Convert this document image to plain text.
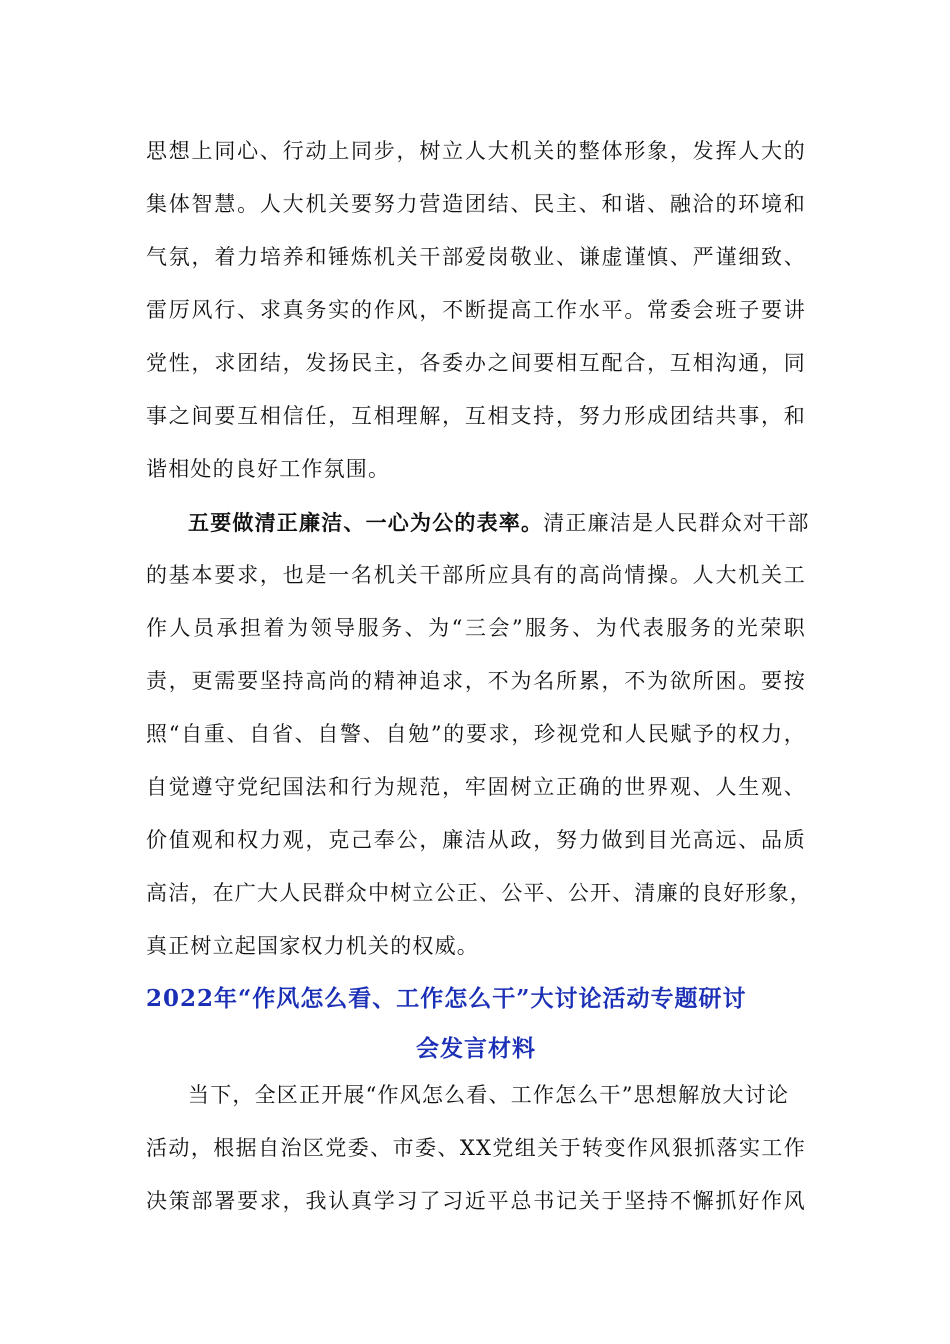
思想上同心、行动上同步，树立人大机关的整体形象，发挥人大的
集体智慧。人大机关要努力营造团结、民主、和谐、融洽的环境和
气氛，着力培养和锤炼机关干部爱岗敬业、谦虚谨慎、严谨细致、
雷厉风行、求真务实的作风，不断提高工作水平。常委会班子要讲
党性，求团结，发扬民主，各委办之间要相互配合，互相沟通，同
事之间要互相信任，互相理解，互相支持，努力形成团结共事，和
谐相处的良好工作氛围。
五要做清正廉洁、一心为公的表率。清正廉洁是人民群众对干部
的基本要求，也是一名机关干部所应具有的高尚情操。人大机关工
作人员承担着为领导服务、为“三会”服务、为代表服务的光荣职
责，更需要坚持高尚的精神追求，不为名所累，不为欲所困。要按
照“自重、自省、自警、自勉”的要求，珍视党和人民赋予的权力，
自觉遵守党纪国法和行为规范，牢固树立正确的世界观、人生观、
价值观和权力观，克己奉公，廉洁从政，努力做到目光高远、品质
高洁，在广大人民群众中树立公正、公平、公开、清廉的良好形象，
真正树立起国家权力机关的权威。
2022年“作风怎么看、工作怎么干”大讨论活动专题研讨
会发言材料
当下，全区正开展“作风怎么看、工作怎么干”思想解放大讨论
活动，根据自治区党委、市委、XX党组关于转变作风狠抓落实工作
决策部署要求，我认真学习了习近平总书记关于坚持不懈抓好作风
